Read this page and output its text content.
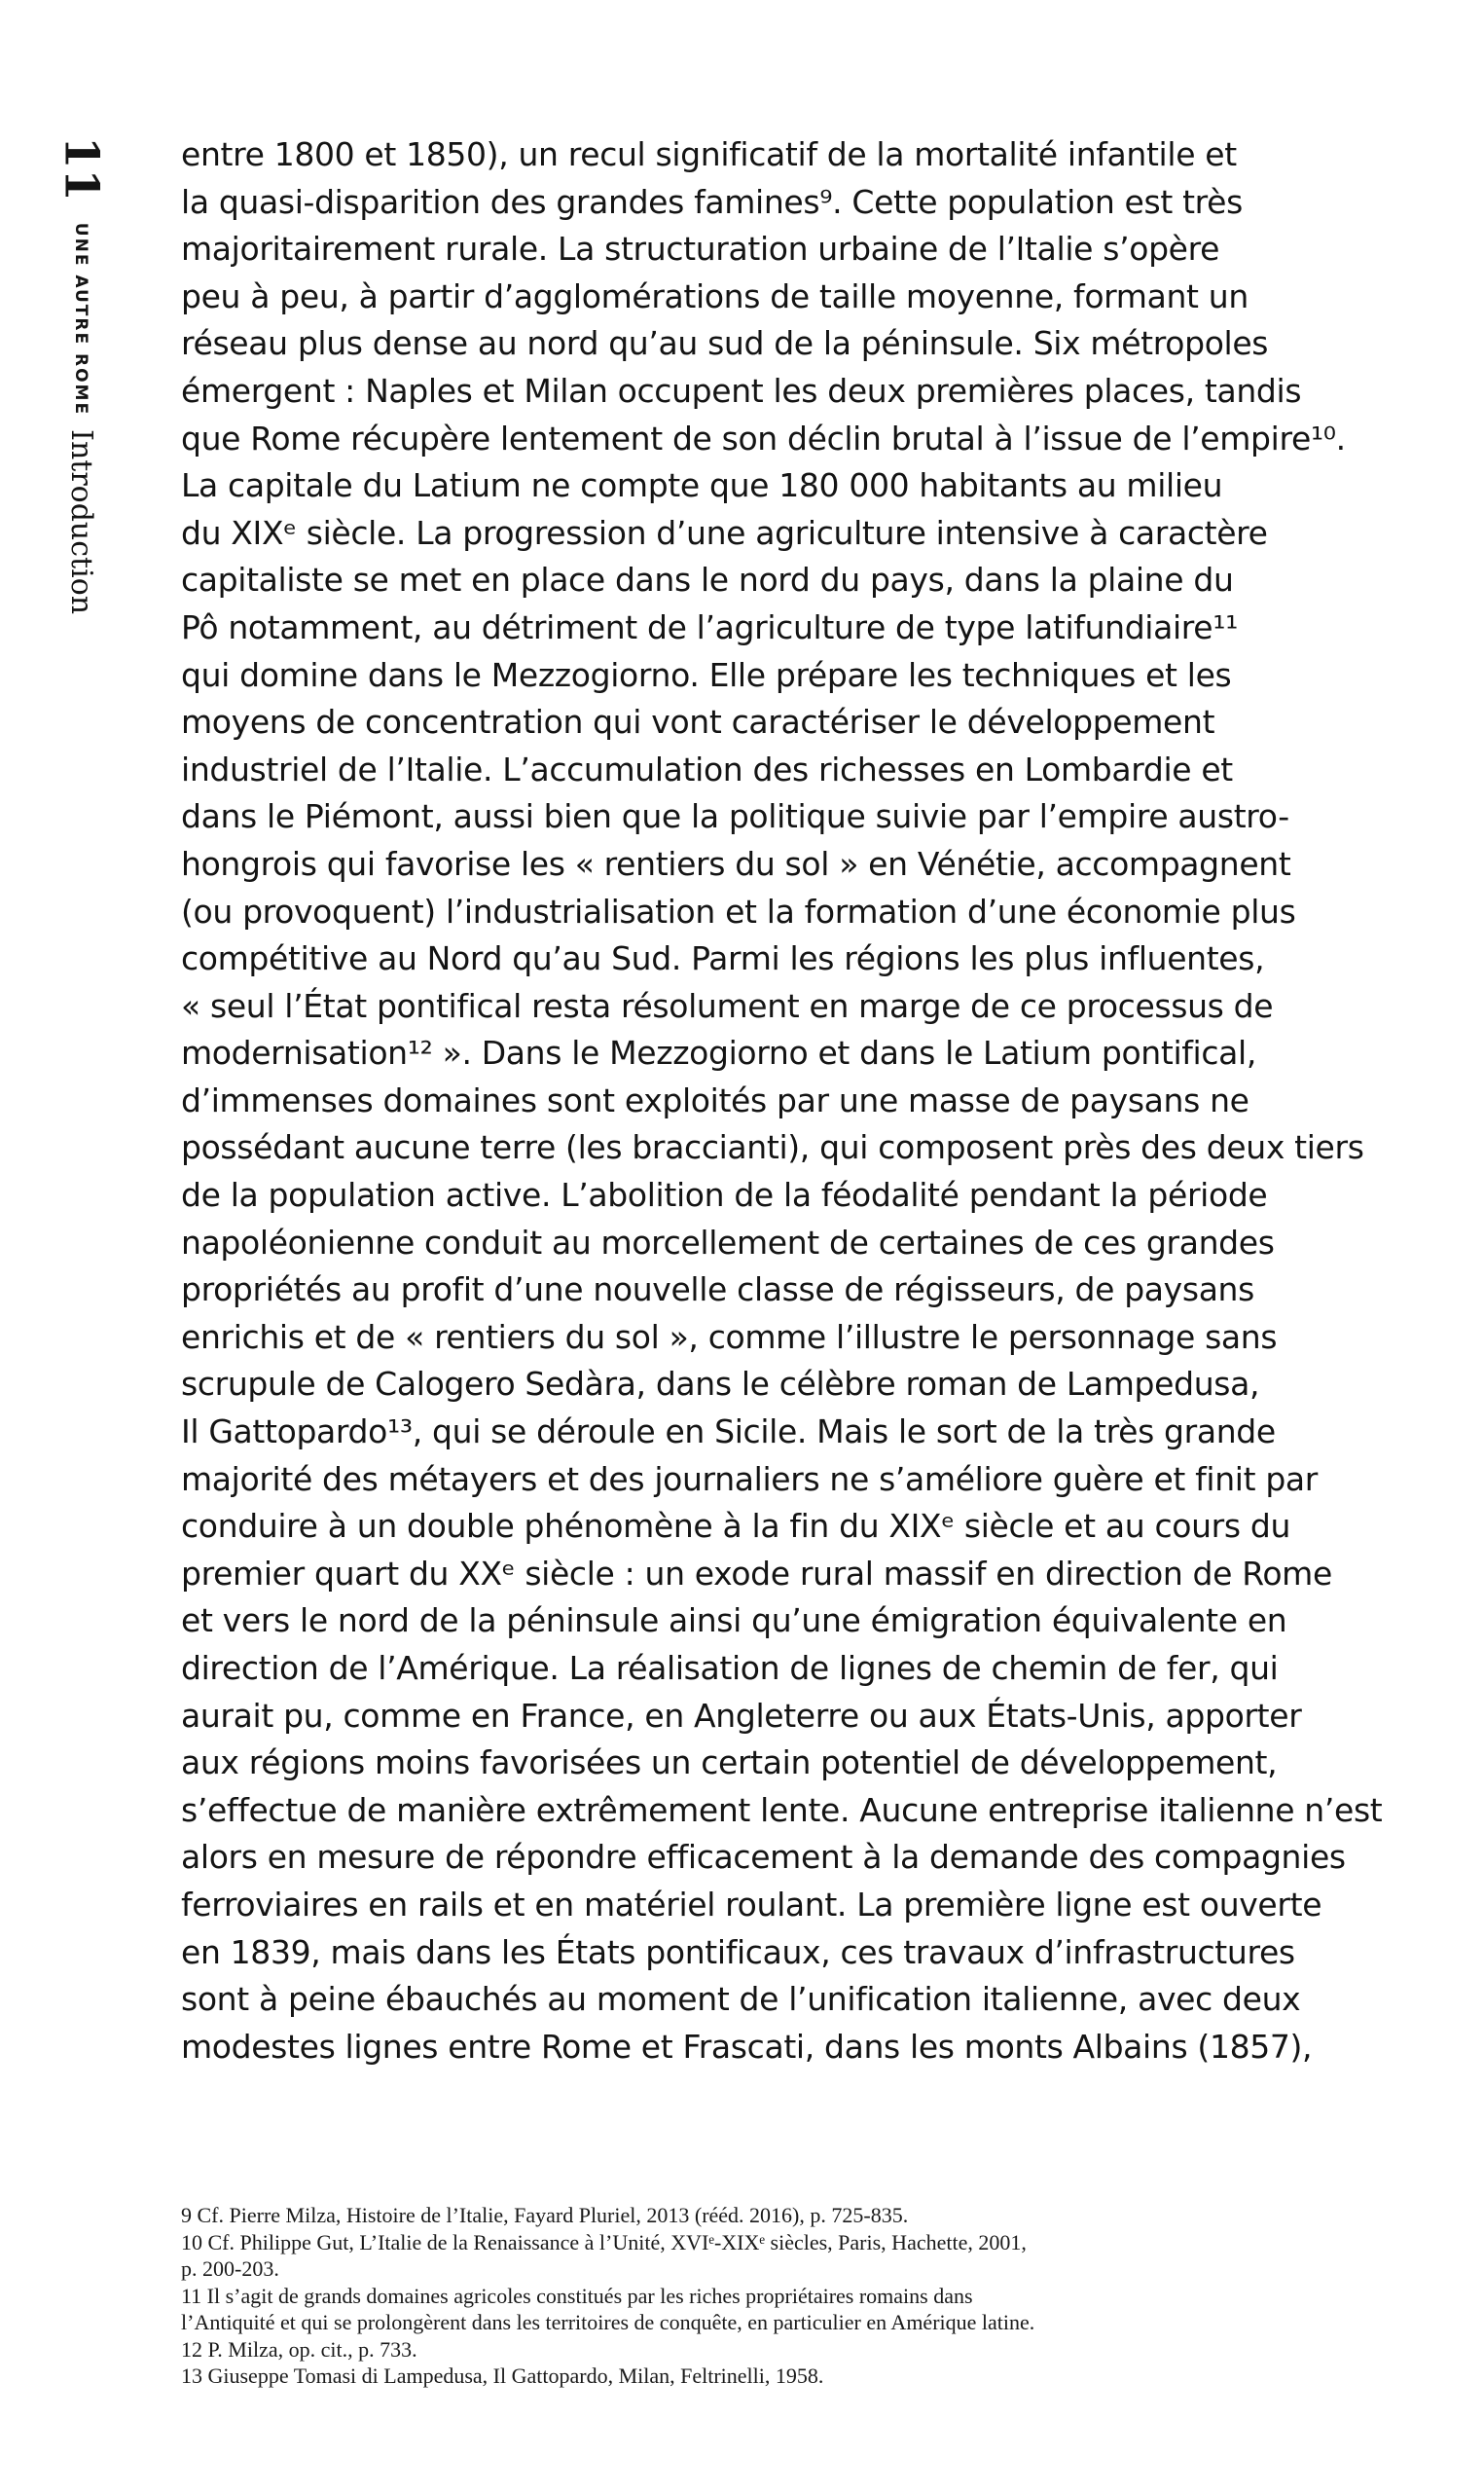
11UNE AUTRE ROMEIntroduction
entre 1800 et 1850), un recul significatif de la mortalité infantile et
la quasi-disparition des grandes famines⁹. Cette population est très
majoritairement rurale. La structuration urbaine de l’Italie s’opère
peu à peu, à partir d’agglomérations de taille moyenne, formant un
réseau plus dense au nord qu’au sud de la péninsule. Six métropoles
émergent : Naples et Milan occupent les deux premières places, tandis
que Rome récupère lentement de son déclin brutal à l’issue de l’empire¹⁰.
La capitale du Latium ne compte que 180 000 habitants au milieu
du XIXᵉ siècle. La progression d’une agriculture intensive à caractère
capitaliste se met en place dans le nord du pays, dans la plaine du
Pô notamment, au détriment de l’agriculture de type latifundiaire¹¹
qui domine dans le Mezzogiorno. Elle prépare les techniques et les
moyens de concentration qui vont caractériser le développement
industriel de l’Italie. L’accumulation des richesses en Lombardie et
dans le Piémont, aussi bien que la politique suivie par l’empire austro-
hongrois qui favorise les « rentiers du sol » en Vénétie, accompagnent
(ou provoquent) l’industrialisation et la formation d’une économie plus
compétitive au Nord qu’au Sud. Parmi les régions les plus influentes,
« seul l’État pontifical resta résolument en marge de ce processus de
modernisation¹² ». Dans le Mezzogiorno et dans le Latium pontifical,
d’immenses domaines sont exploités par une masse de paysans ne
possédant aucune terre (les braccianti), qui composent près des deux tiers
de la population active. L’abolition de la féodalité pendant la période
napoléonienne conduit au morcellement de certaines de ces grandes
propriétés au profit d’une nouvelle classe de régisseurs, de paysans
enrichis et de « rentiers du sol », comme l’illustre le personnage sans
scrupule de Calogero Sedàra, dans le célèbre roman de Lampedusa,
Il Gattopardo¹³, qui se déroule en Sicile. Mais le sort de la très grande
majorité des métayers et des journaliers ne s’améliore guère et finit par
conduire à un double phénomène à la fin du XIXᵉ siècle et au cours du
premier quart du XXᵉ siècle : un exode rural massif en direction de Rome
et vers le nord de la péninsule ainsi qu’une émigration équivalente en
direction de l’Amérique. La réalisation de lignes de chemin de fer, qui
aurait pu, comme en France, en Angleterre ou aux États-Unis, apporter
aux régions moins favorisées un certain potentiel de développement,
s’effectue de manière extrêmement lente. Aucune entreprise italienne n’est
alors en mesure de répondre efficacement à la demande des compagnies
ferroviaires en rails et en matériel roulant. La première ligne est ouverte
en 1839, mais dans les États pontificaux, ces travaux d’infrastructures
sont à peine ébauchés au moment de l’unification italienne, avec deux
modestes lignes entre Rome et Frascati, dans les monts Albains (1857),
9 Cf. Pierre Milza, Histoire de l’Italie, Fayard Pluriel, 2013 (rééd. 2016), p. 725-835.
10 Cf. Philippe Gut, L’Italie de la Renaissance à l’Unité, XVIᵉ-XIXᵉ siècles, Paris, Hachette, 2001,
p. 200-203.
11 Il s’agit de grands domaines agricoles constitués par les riches propriétaires romains dans
l’Antiquité et qui se prolongèrent dans les territoires de conquête, en particulier en Amérique latine.
12 P. Milza, op. cit., p. 733.
13 Giuseppe Tomasi di Lampedusa, Il Gattopardo, Milan, Feltrinelli, 1958.
